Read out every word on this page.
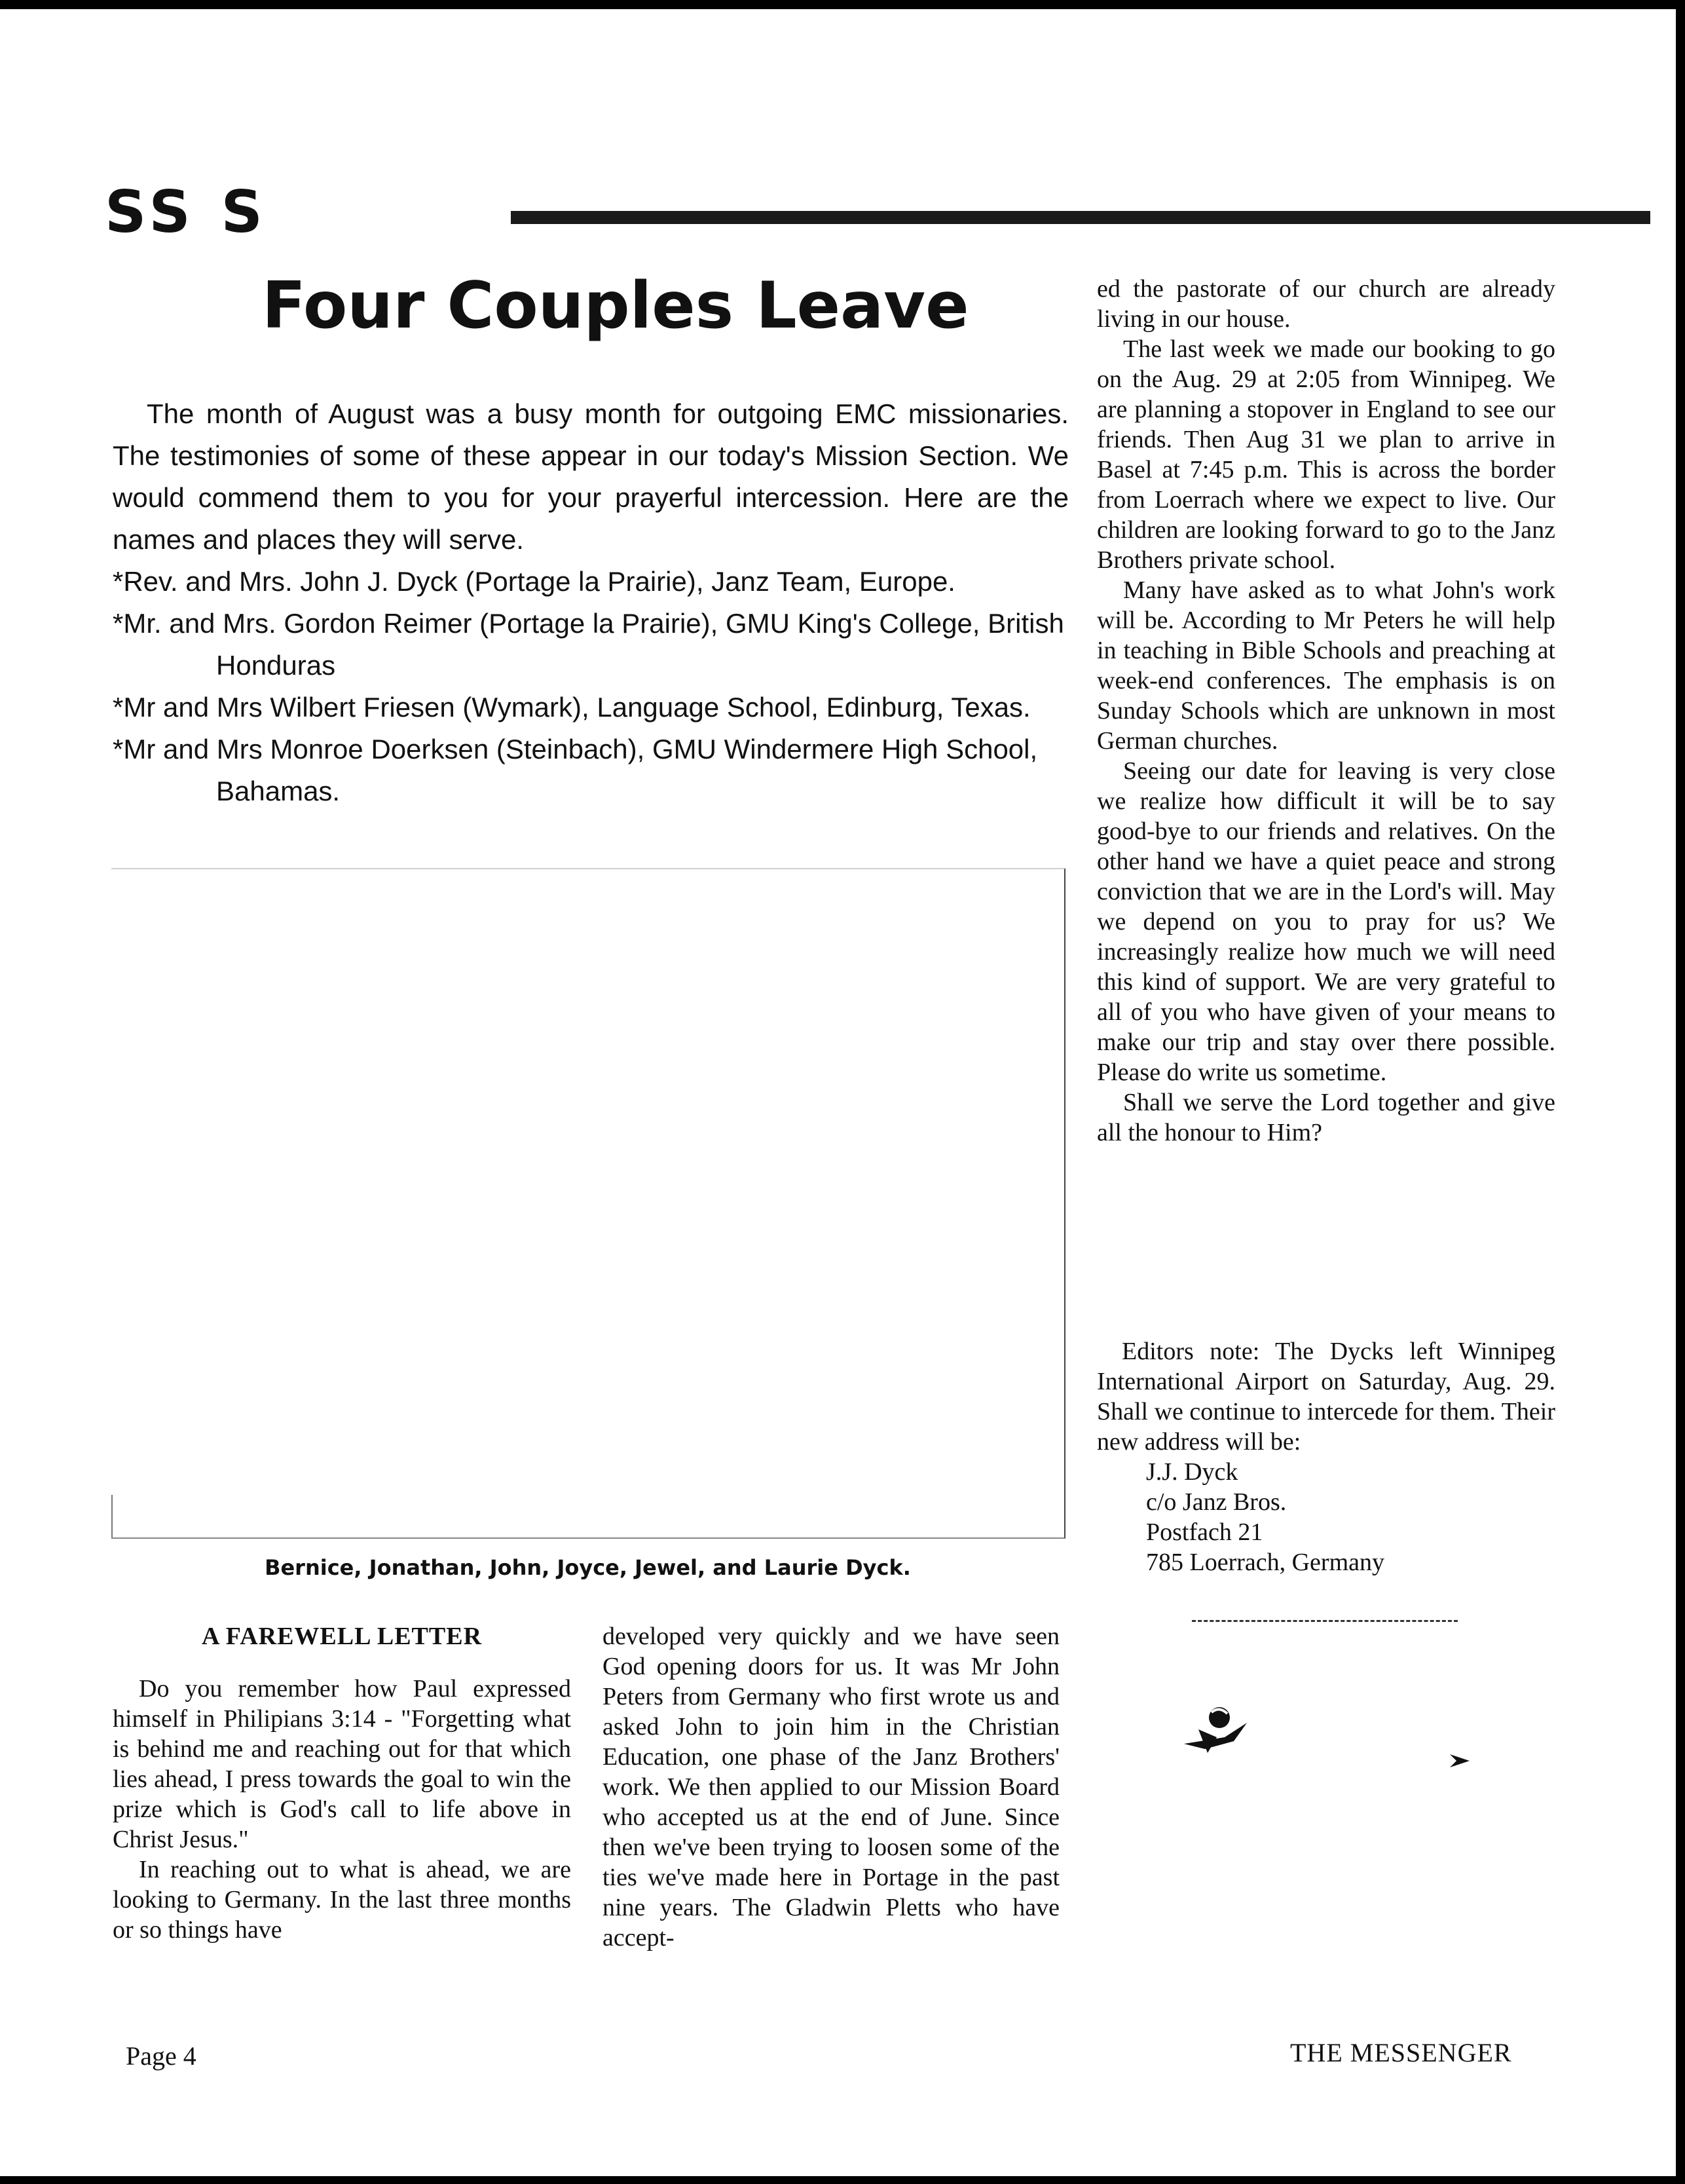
SS S
Four Couples Leave

The month of August was a busy month for outgoing EMC missionaries. The testimonies of some of these appear in our today's Mission Section. We would commend them to you for your prayerful intercession. Here are the names and places they will serve.

*Rev. and Mrs. John J. Dyck (Portage la Prairie), Janz Team, Europe.

*Mr. and Mrs. Gordon Reimer (Portage la Prairie), GMU King's College, British Honduras

*Mr and Mrs Wilbert Friesen (Wymark), Language School, Edinburg, Texas.

*Mr and Mrs Monroe Doerksen (Steinbach), GMU Windermere High School, Bahamas.

Bernice, Jonathan, John, Joyce, Jewel, and Laurie Dyck.
A FAREWELL LETTER

Do you remember how Paul expressed himself in Philipians 3:14 - "Forgetting what is behind me and reaching out for that which lies ahead, I press towards the goal to win the prize which is God's call to life above in Christ Jesus."

In reaching out to what is ahead, we are looking to Germany. In the last three months or so things have

developed very quickly and we have seen God opening doors for us. It was Mr John Peters from Germany who first wrote us and asked John to join him in the Christian Education, one phase of the Janz Brothers' work. We then applied to our Mission Board who accepted us at the end of June. Since then we've been trying to loosen some of the ties we've made here in Portage in the past nine years. The Gladwin Pletts who have accept-

ed the pastorate of our church are already living in our house.

The last week we made our booking to go on the Aug. 29 at 2:05 from Winnipeg. We are planning a stopover in England to see our friends. Then Aug 31 we plan to arrive in Basel at 7:45 p.m. This is across the border from Loerrach where we expect to live. Our children are looking forward to go to the Janz Brothers private school.

Many have asked as to what John's work will be. According to Mr Peters he will help in teaching in Bible Schools and preaching at week-end conferences. The emphasis is on Sunday Schools which are unknown in most German churches.

Seeing our date for leaving is very close we realize how difficult it will be to say good-bye to our friends and relatives. On the other hand we have a quiet peace and strong conviction that we are in the Lord's will. May we depend on you to pray for us? We increasingly realize how much we will need this kind of support. We are very grateful to all of you who have given of your means to make our trip and stay over there possible. Please do write us sometime.

Shall we serve the Lord together and give all the honour to Him?

Editors note: The Dycks left Winnipeg International Airport on Saturday, Aug. 29. Shall we continue to intercede for them. Their new address will be:

J.J. Dyck
c/o Janz Bros.
Postfach 21
785 Loerrach, Germany
Page 4	THE MESSENGER
